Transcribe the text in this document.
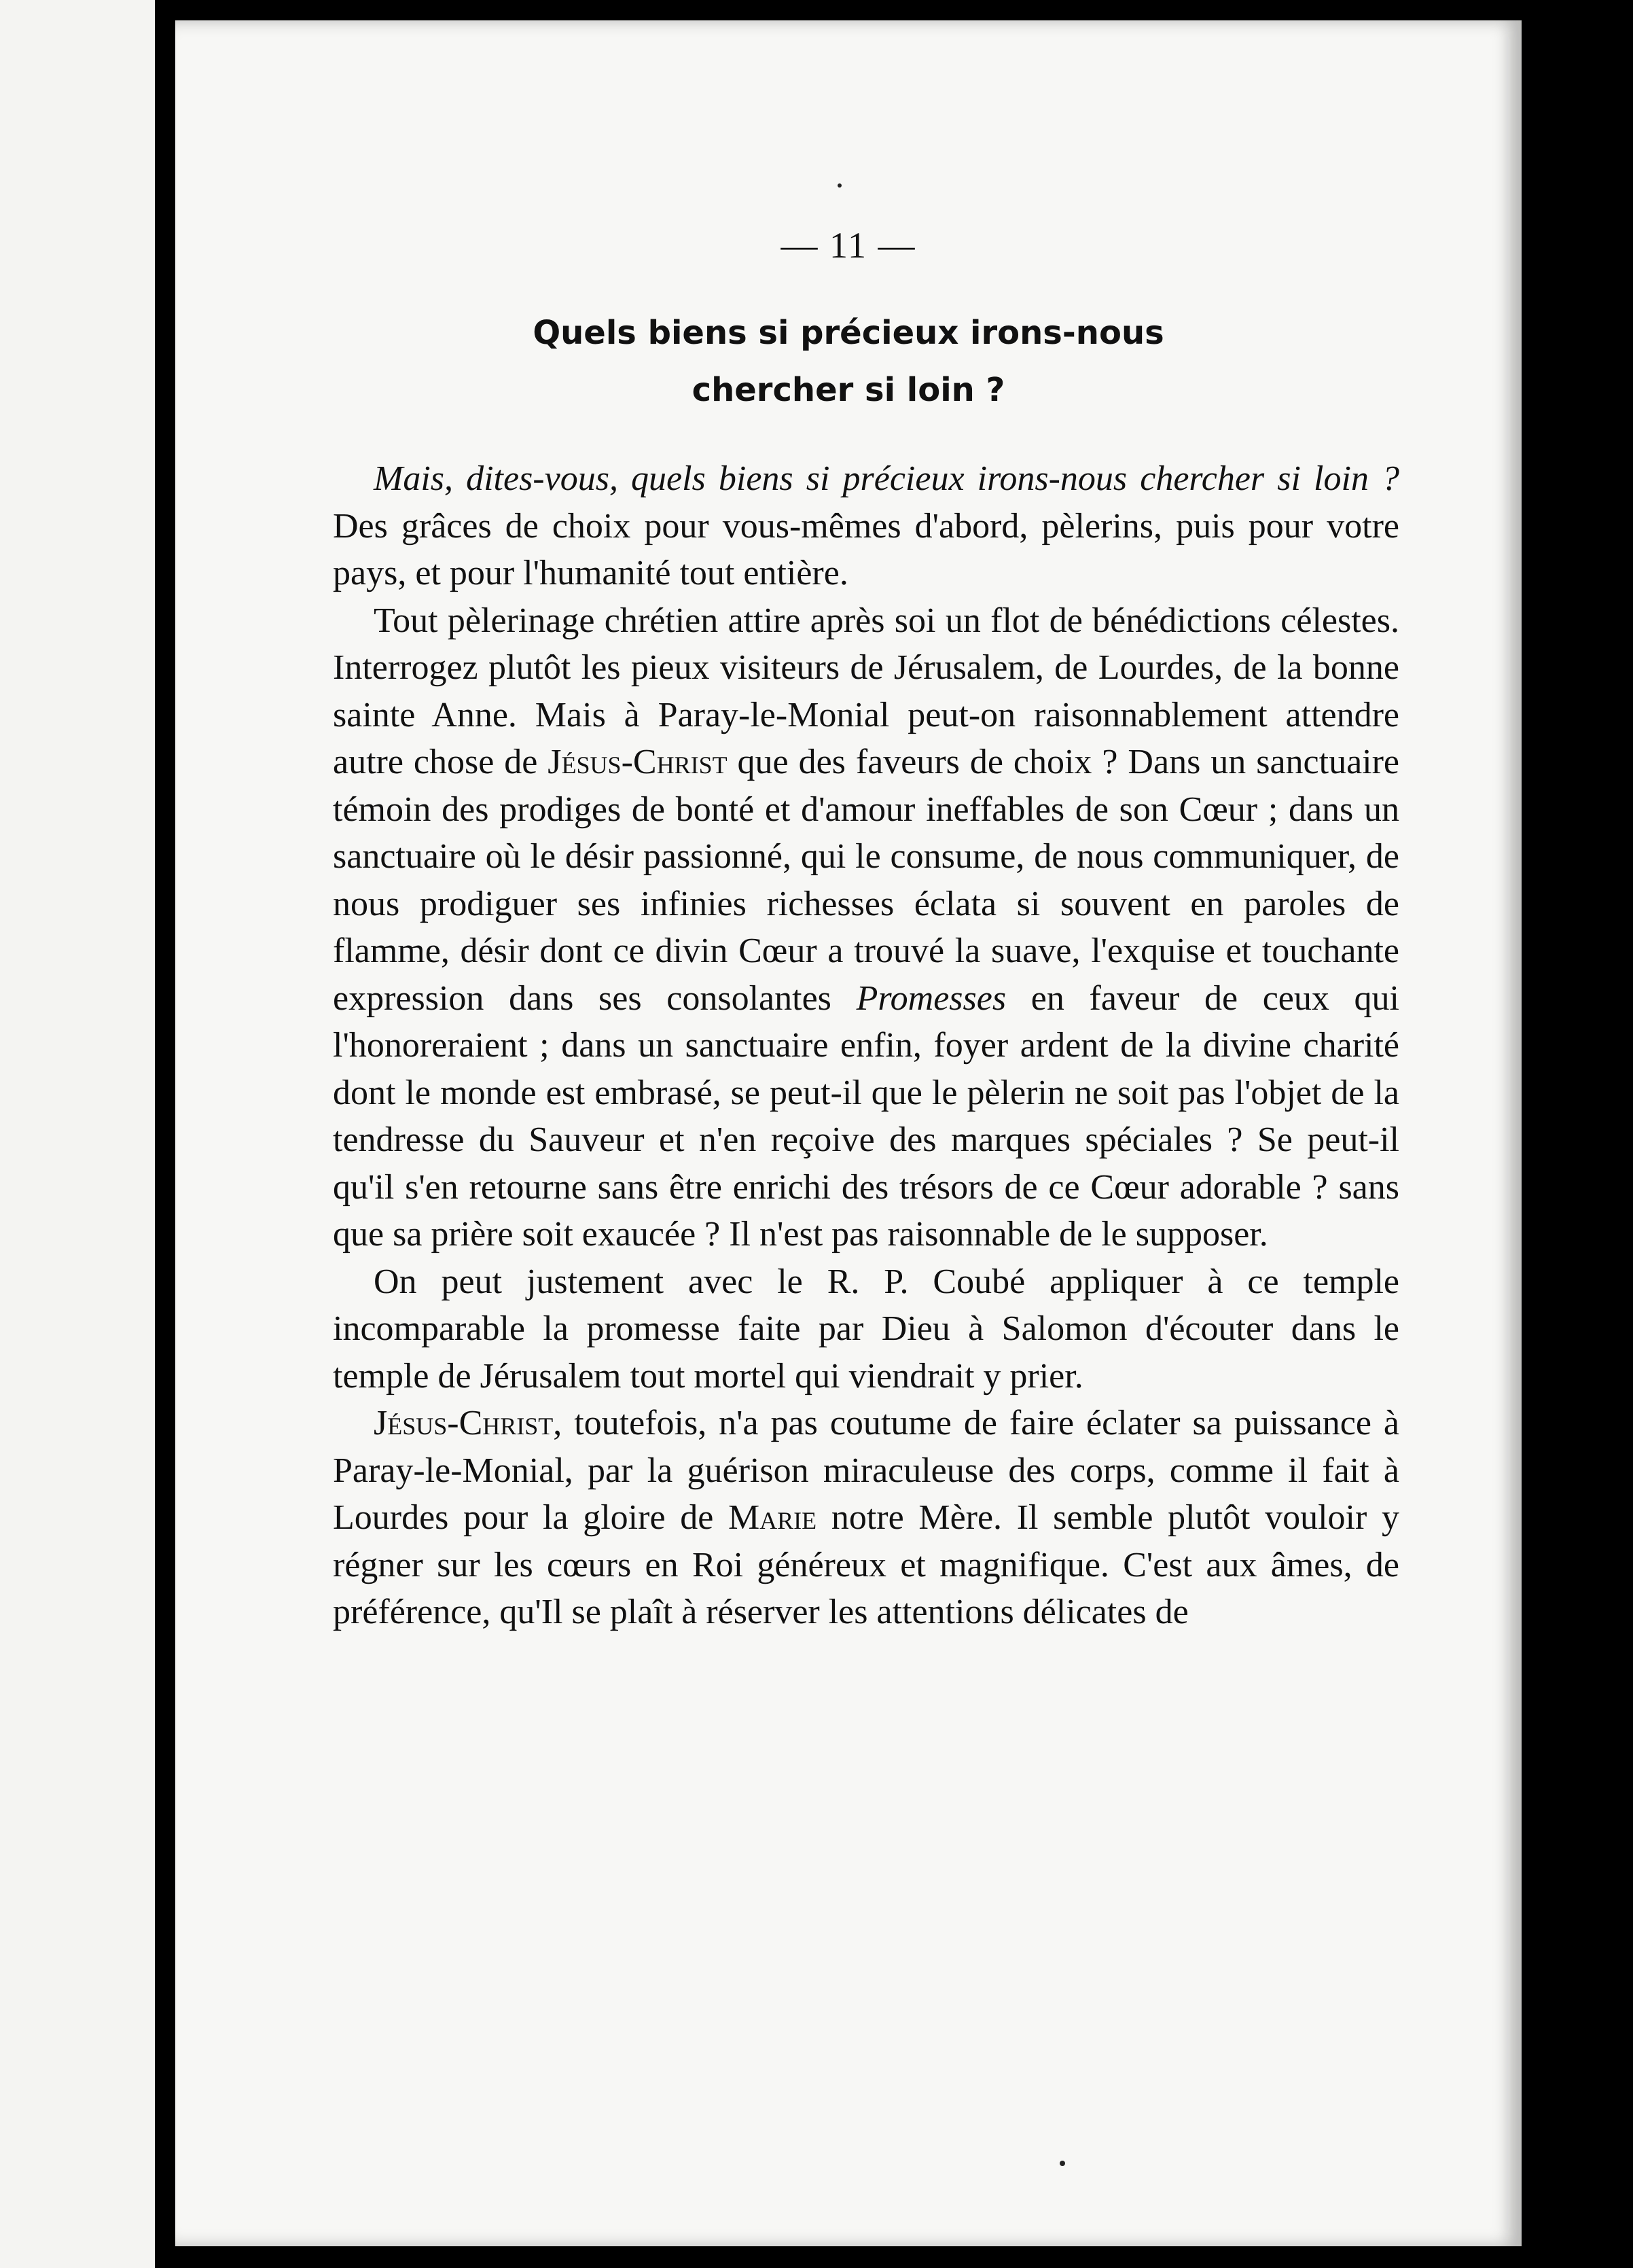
— 11 —
Quels biens si précieux irons-nous
chercher si loin ?

Mais, dites-vous, quels biens si précieux irons-nous chercher si loin ? Des grâces de choix pour vous-mêmes d'abord, pèlerins, puis pour votre pays, et pour l'humanité tout entière.

Tout pèlerinage chrétien attire après soi un flot de bénédictions célestes. Interrogez plutôt les pieux visiteurs de Jérusalem, de Lourdes, de la bonne sainte Anne. Mais à Paray-le-Monial peut-on raisonnablement attendre autre chose de Jésus-Christ que des faveurs de choix ? Dans un sanctuaire témoin des prodiges de bonté et d'amour ineffables de son Cœur ; dans un sanctuaire où le désir passionné, qui le consume, de nous communiquer, de nous prodiguer ses infinies richesses éclata si souvent en paroles de flamme, désir dont ce divin Cœur a trouvé la suave, l'exquise et touchante expression dans ses consolantes Promesses en faveur de ceux qui l'honoreraient ; dans un sanctuaire enfin, foyer ardent de la divine charité dont le monde est embrasé, se peut-il que le pèlerin ne soit pas l'objet de la tendresse du Sauveur et n'en reçoive des marques spéciales ? Se peut-il qu'il s'en retourne sans être enrichi des trésors de ce Cœur adorable ? sans que sa prière soit exaucée ? Il n'est pas raisonnable de le supposer.

On peut justement avec le R. P. Coubé appliquer à ce temple incomparable la promesse faite par Dieu à Salomon d'écouter dans le temple de Jérusalem tout mortel qui viendrait y prier.

Jésus-Christ, toutefois, n'a pas coutume de faire éclater sa puissance à Paray-le-Monial, par la guérison miraculeuse des corps, comme il fait à Lourdes pour la gloire de Marie notre Mère. Il semble plutôt vouloir y régner sur les cœurs en Roi généreux et magnifique. C'est aux âmes, de préférence, qu'Il se plaît à réserver les attentions délicates de
